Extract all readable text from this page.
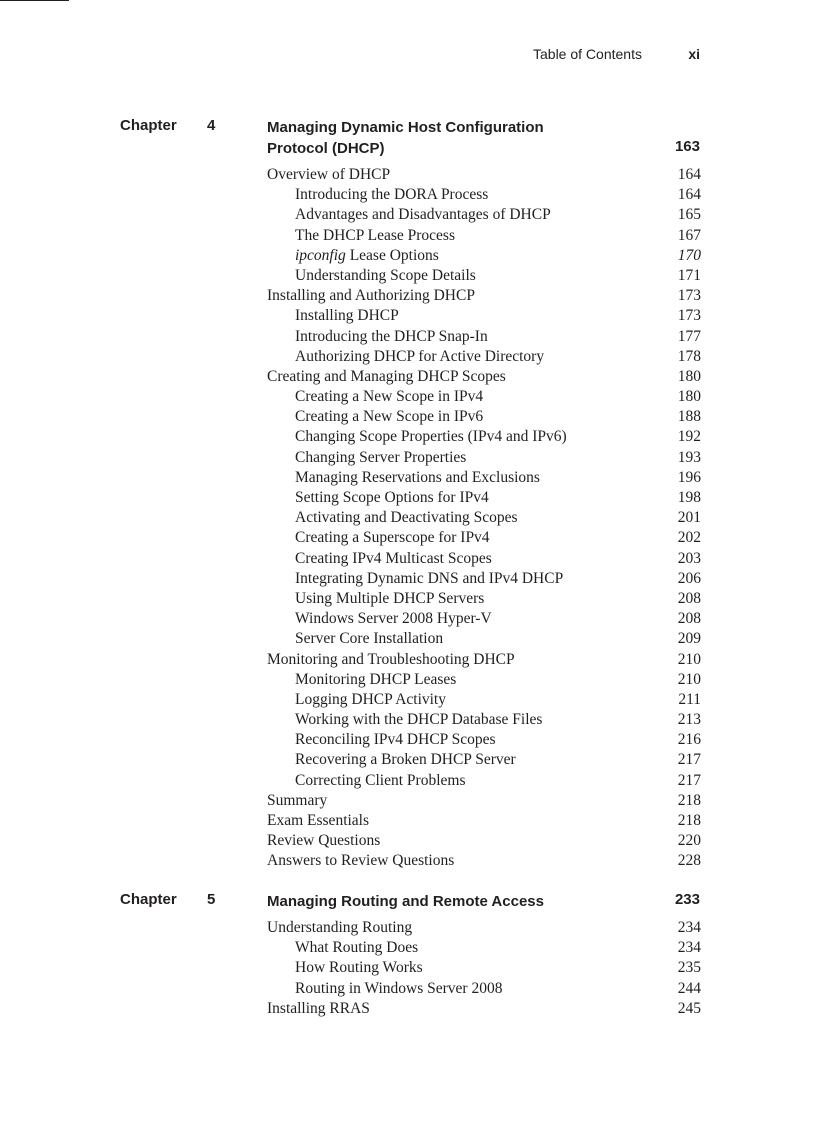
Table of Contents	xi
Chapter 4	Managing Dynamic Host Configuration
Protocol (DHCP)	163
Overview of DHCP	164
Introducing the DORA Process	164
Advantages and Disadvantages of DHCP	165
The DHCP Lease Process	167
ipconfig Lease Options	170
Understanding Scope Details	171
Installing and Authorizing DHCP	173
Installing DHCP	173
Introducing the DHCP Snap-In	177
Authorizing DHCP for Active Directory	178
Creating and Managing DHCP Scopes	180
Creating a New Scope in IPv4	180
Creating a New Scope in IPv6	188
Changing Scope Properties (IPv4 and IPv6)	192
Changing Server Properties	193
Managing Reservations and Exclusions	196
Setting Scope Options for IPv4	198
Activating and Deactivating Scopes	201
Creating a Superscope for IPv4	202
Creating IPv4 Multicast Scopes	203
Integrating Dynamic DNS and IPv4 DHCP	206
Using Multiple DHCP Servers	208
Windows Server 2008 Hyper-V	208
Server Core Installation	209
Monitoring and Troubleshooting DHCP	210
Monitoring DHCP Leases	210
Logging DHCP Activity	211
Working with the DHCP Database Files	213
Reconciling IPv4 DHCP Scopes	216
Recovering a Broken DHCP Server	217
Correcting Client Problems	217
Summary	218
Exam Essentials	218
Review Questions	220
Answers to Review Questions	228
Chapter 5	Managing Routing and Remote Access	233
Understanding Routing	234
What Routing Does	234
How Routing Works	235
Routing in Windows Server 2008	244
Installing RRAS	245
